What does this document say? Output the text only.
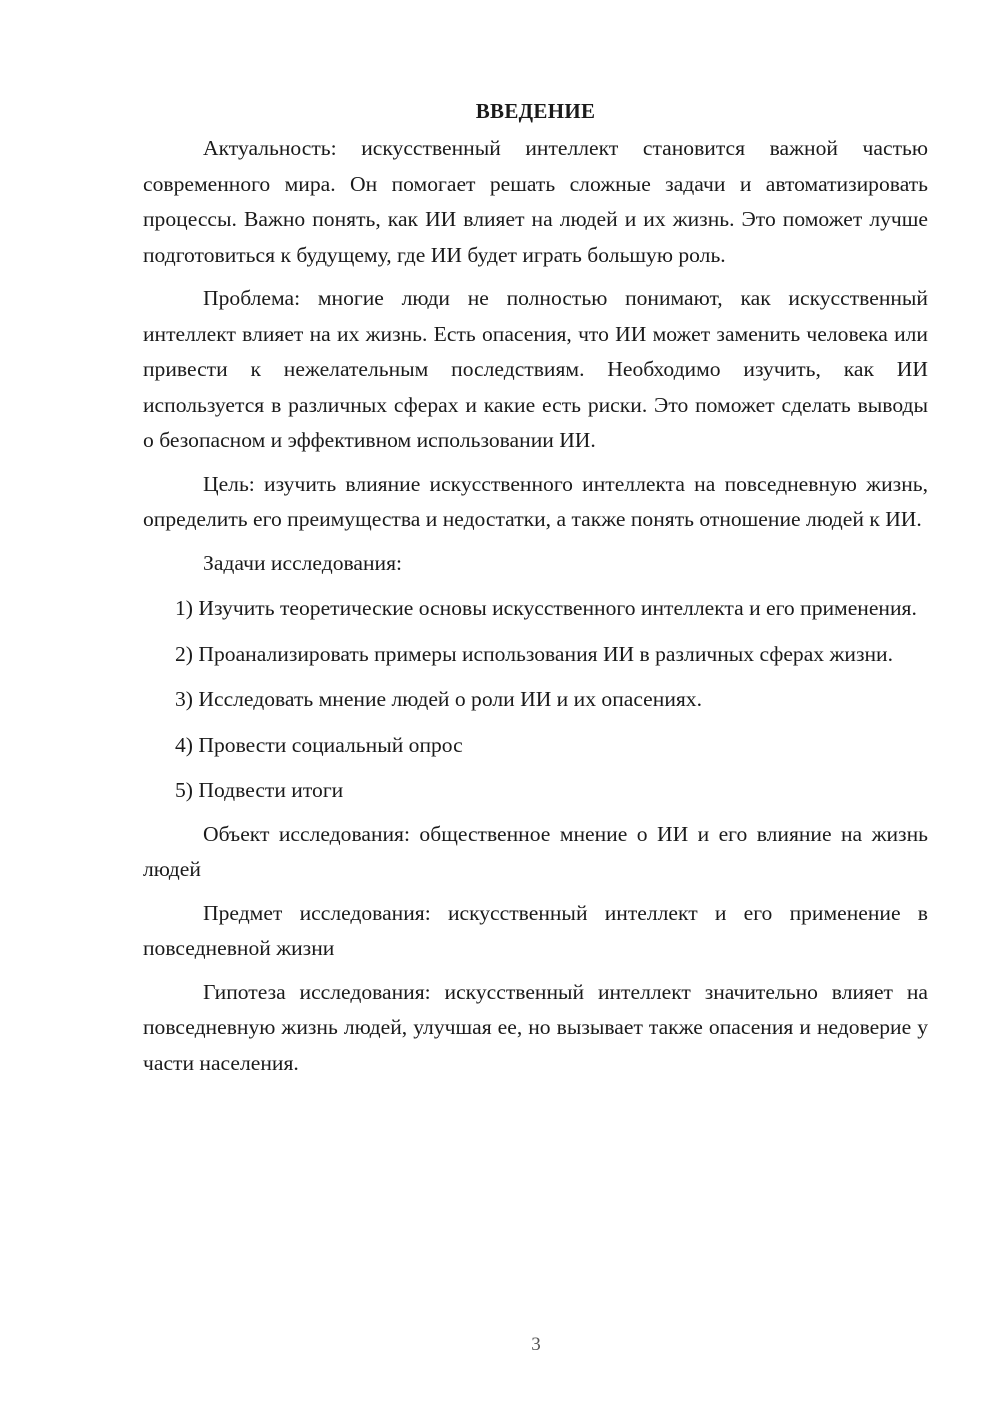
ВВЕДЕНИЕ

Актуальность: искусственный интеллект становится важной частью современного мира. Он помогает решать сложные задачи и автоматизировать процессы. Важно понять, как ИИ влияет на людей и их жизнь. Это поможет лучше подготовиться к будущему, где ИИ будет играть большую роль.

Проблема: многие люди не полностью понимают, как искусственный интеллект влияет на их жизнь. Есть опасения, что ИИ может заменить человека или привести к нежелательным последствиям. Необходимо изучить, как ИИ используется в различных сферах и какие есть риски. Это поможет сделать выводы о безопасном и эффективном использовании ИИ.

Цель: изучить влияние искусственного интеллекта на повседневную жизнь, определить его преимущества и недостатки, а также понять отношение людей к ИИ.

Задачи исследования:

1) Изучить теоретические основы искусственного интеллекта и его применения.

2) Проанализировать примеры использования ИИ в различных сферах жизни.

3) Исследовать мнение людей о роли ИИ и их опасениях.

4) Провести социальный опрос

5) Подвести итоги

Объект исследования: общественное мнение о ИИ и его влияние на жизнь людей

Предмет исследования: искусственный интеллект и его применение в повседневной жизни

Гипотеза исследования: искусственный интеллект значительно влияет на повседневную жизнь людей, улучшая ее, но вызывает также опасения и недоверие у части населения.

3
